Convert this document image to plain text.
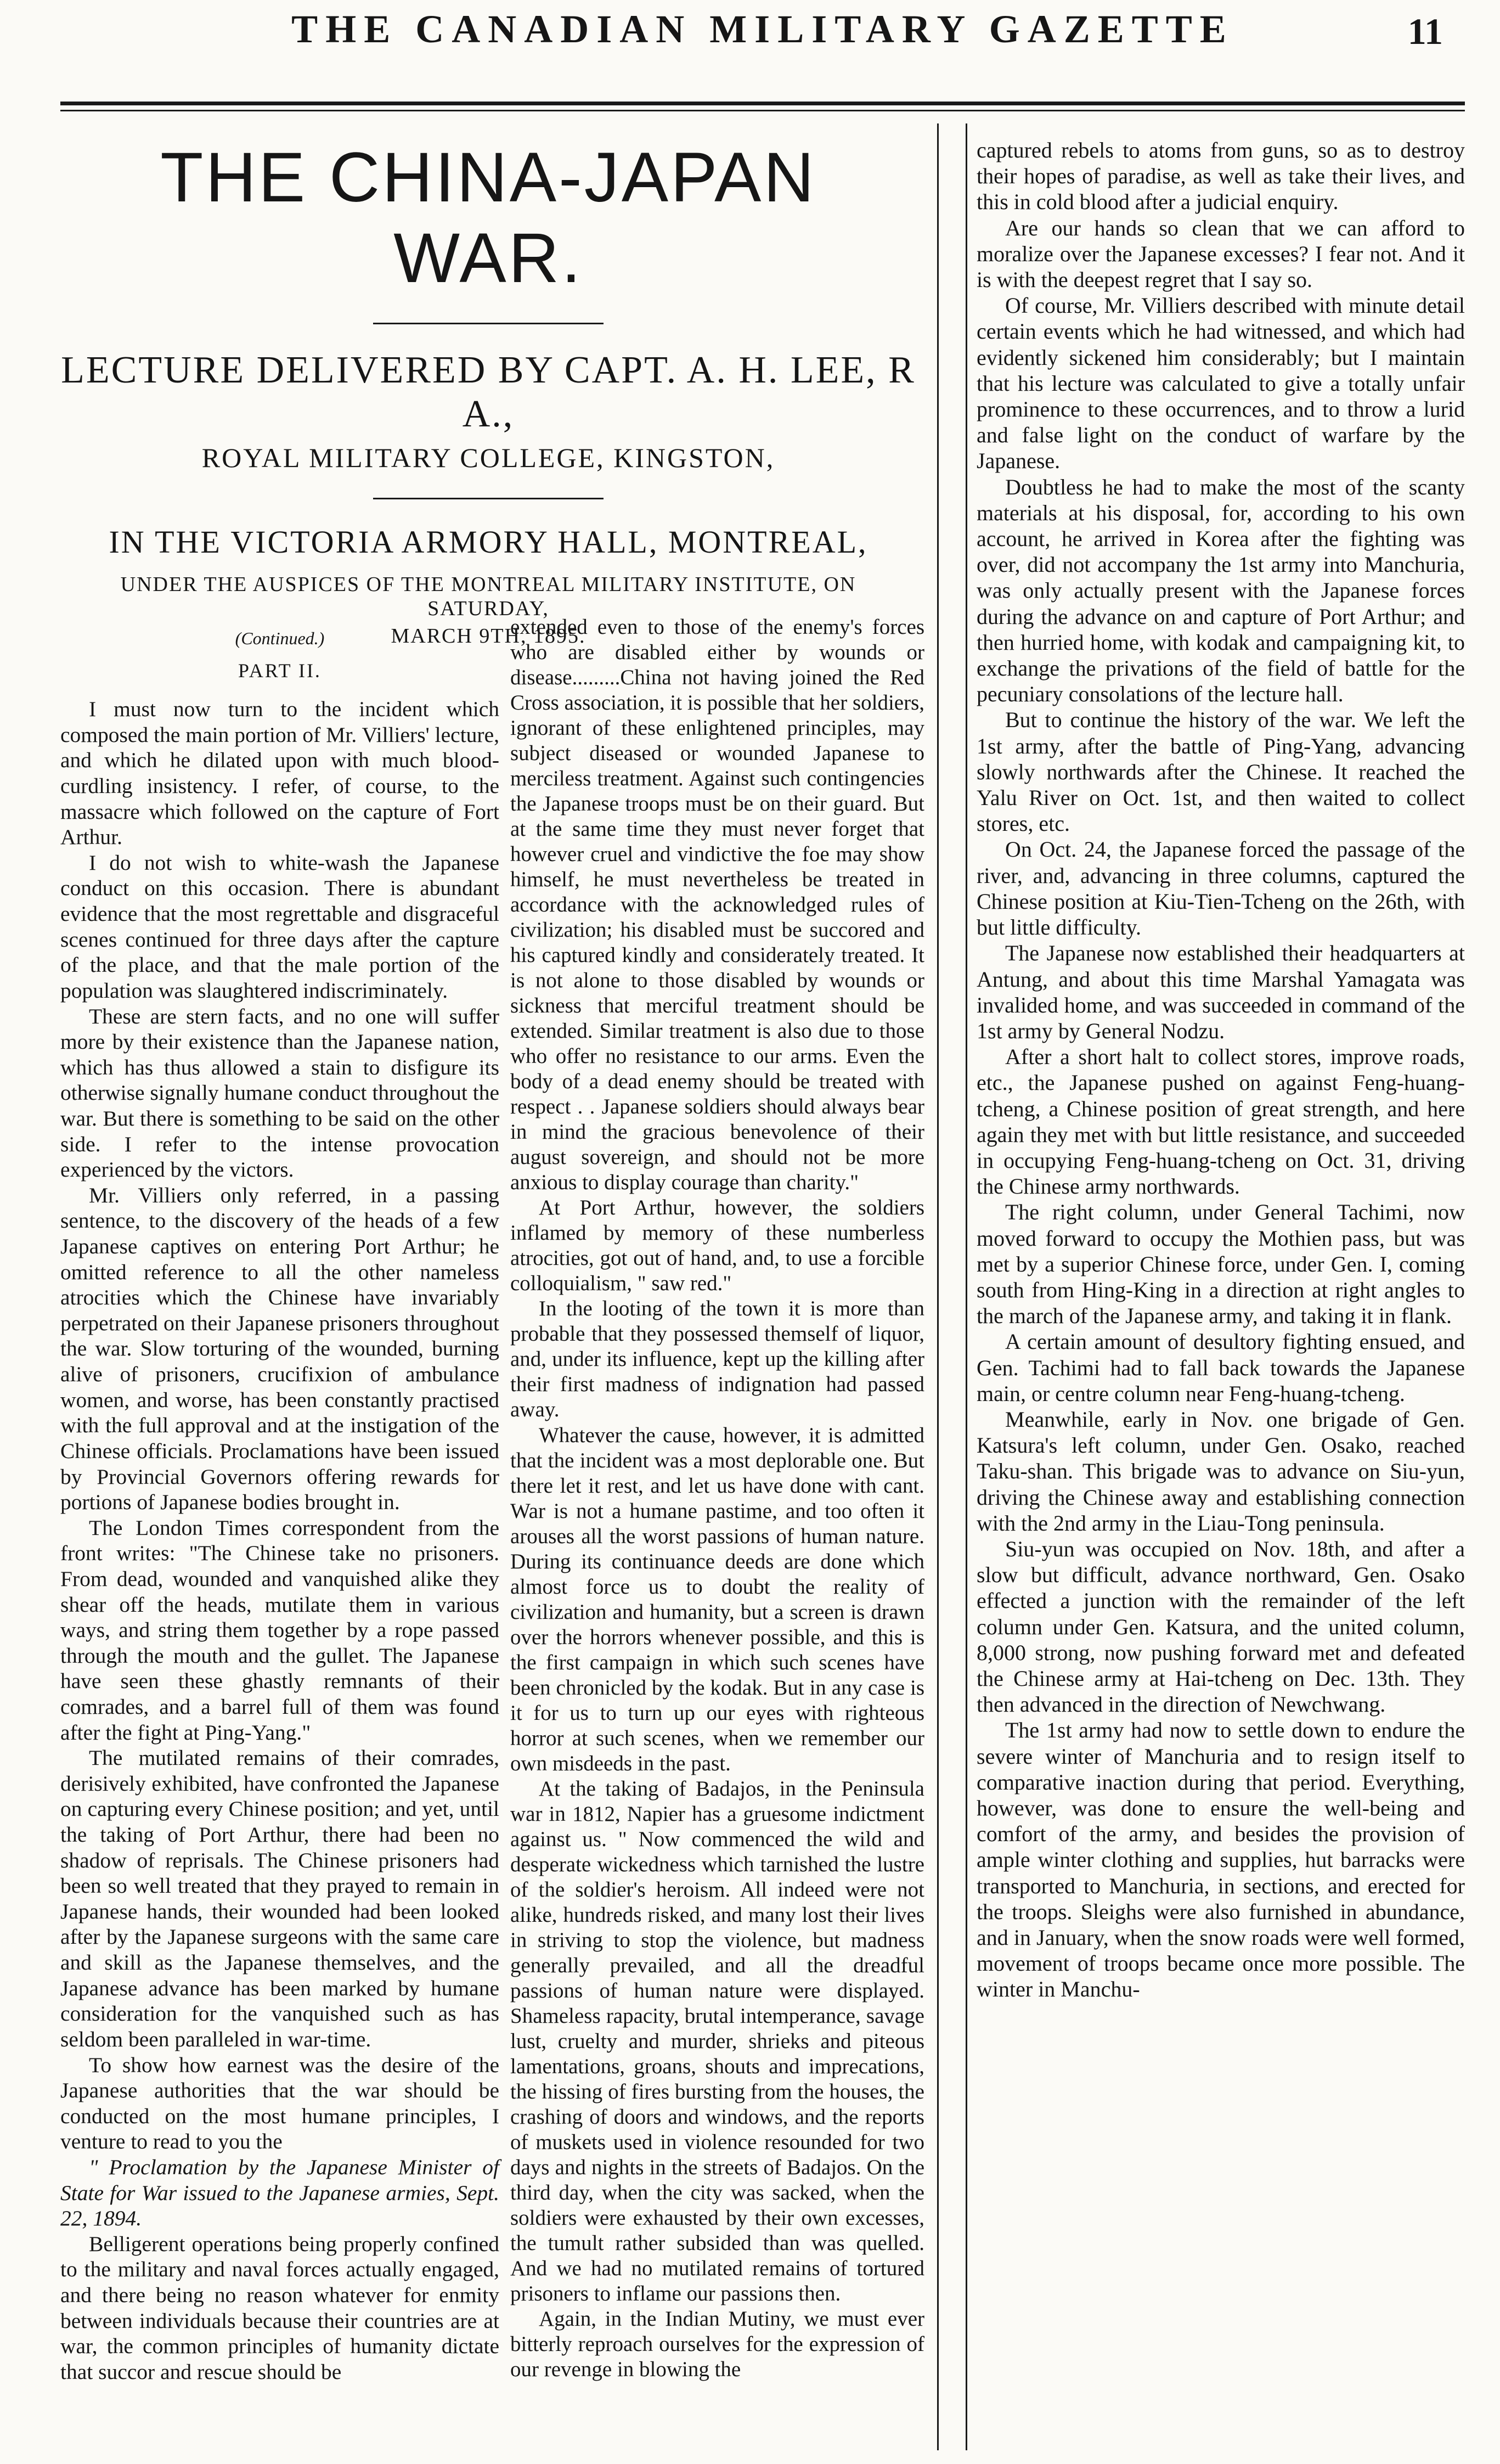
THE CANADIAN MILITARY GAZETTE	11
THE CHINA-JAPAN WAR.
LECTURE DELIVERED BY CAPT. A. H. LEE, R A.,
ROYAL MILITARY COLLEGE, KINGSTON,
IN THE VICTORIA ARMORY HALL, MONTREAL,
UNDER THE AUSPICES OF THE MONTREAL MILITARY INSTITUTE, ON SATURDAY,
MARCH 9TH, 1895.

(Continued.)

PART II.

I must now turn to the incident which composed the main portion of Mr. Villiers' lecture, and which he dilated upon with much blood-curdling insistency. I refer, of course, to the massacre which followed on the capture of Fort Arthur.

I do not wish to white-wash the Japanese conduct on this occasion. There is abundant evidence that the most regrettable and disgraceful scenes continued for three days after the capture of the place, and that the male portion of the population was slaughtered indiscriminately.

These are stern facts, and no one will suffer more by their existence than the Japanese nation, which has thus allowed a stain to disfigure its otherwise signally humane conduct throughout the war. But there is something to be said on the other side. I refer to the intense provocation experienced by the victors.

Mr. Villiers only referred, in a passing sentence, to the discovery of the heads of a few Japanese captives on entering Port Arthur; he omitted reference to all the other nameless atrocities which the Chinese have invariably perpetrated on their Japanese prisoners throughout the war. Slow torturing of the wounded, burning alive of prisoners, crucifixion of ambulance women, and worse, has been constantly practised with the full approval and at the instigation of the Chinese officials. Proclamations have been issued by Provincial Governors offering rewards for portions of Japanese bodies brought in.

The London Times correspondent from the front writes: "The Chinese take no prisoners. From dead, wounded and vanquished alike they shear off the heads, mutilate them in various ways, and string them together by a rope passed through the mouth and the gullet. The Japanese have seen these ghastly remnants of their comrades, and a barrel full of them was found after the fight at Ping-Yang."

The mutilated remains of their comrades, derisively exhibited, have confronted the Japanese on capturing every Chinese position; and yet, until the taking of Port Arthur, there had been no shadow of reprisals. The Chinese prisoners had been so well treated that they prayed to remain in Japanese hands, their wounded had been looked after by the Japanese surgeons with the same care and skill as the Japanese themselves, and the Japanese advance has been marked by humane consideration for the vanquished such as has seldom been paralleled in war-time.

To show how earnest was the desire of the Japanese authorities that the war should be conducted on the most humane principles, I venture to read to you the

" Proclamation by the Japanese Minister of State for War issued to the Japanese armies, Sept. 22, 1894.

Belligerent operations being properly confined to the military and naval forces actually engaged, and there being no reason whatever for enmity between individuals because their countries are at war, the common principles of humanity dictate that succor and rescue should be

extended even to those of the enemy's forces who are disabled either by wounds or disease.........China not having joined the Red Cross association, it is possible that her soldiers, ignorant of these enlightened principles, may subject diseased or wounded Japanese to merciless treatment. Against such contingencies the Japanese troops must be on their guard. But at the same time they must never forget that however cruel and vindictive the foe may show himself, he must nevertheless be treated in accordance with the acknowledged rules of civilization; his disabled must be succored and his captured kindly and considerately treated. It is not alone to those disabled by wounds or sickness that merciful treatment should be extended. Similar treatment is also due to those who offer no resistance to our arms. Even the body of a dead enemy should be treated with respect . . Japanese soldiers should always bear in mind the gracious benevolence of their august sovereign, and should not be more anxious to display courage than charity."

At Port Arthur, however, the soldiers inflamed by memory of these numberless atrocities, got out of hand, and, to use a forcible colloquialism, " saw red."

In the looting of the town it is more than probable that they possessed themself of liquor, and, under its influence, kept up the killing after their first madness of indignation had passed away.

Whatever the cause, however, it is admitted that the incident was a most deplorable one. But there let it rest, and let us have done with cant. War is not a humane pastime, and too often it arouses all the worst passions of human nature. During its continuance deeds are done which almost force us to doubt the reality of civilization and humanity, but a screen is drawn over the horrors whenever possible, and this is the first campaign in which such scenes have been chronicled by the kodak. But in any case is it for us to turn up our eyes with righteous horror at such scenes, when we remember our own misdeeds in the past.

At the taking of Badajos, in the Peninsula war in 1812, Napier has a gruesome indictment against us. " Now commenced the wild and desperate wickedness which tarnished the lustre of the soldier's heroism. All indeed were not alike, hundreds risked, and many lost their lives in striving to stop the violence, but madness generally prevailed, and all the dreadful passions of human nature were displayed. Shameless rapacity, brutal intemperance, savage lust, cruelty and murder, shrieks and piteous lamentations, groans, shouts and imprecations, the hissing of fires bursting from the houses, the crashing of doors and windows, and the reports of muskets used in violence resounded for two days and nights in the streets of Badajos. On the third day, when the city was sacked, when the soldiers were exhausted by their own excesses, the tumult rather subsided than was quelled. And we had no mutilated remains of tortured prisoners to inflame our passions then.

Again, in the Indian Mutiny, we must ever bitterly reproach ourselves for the expression of our revenge in blowing the

captured rebels to atoms from guns, so as to destroy their hopes of paradise, as well as take their lives, and this in cold blood after a judicial enquiry.

Are our hands so clean that we can afford to moralize over the Japanese excesses? I fear not. And it is with the deepest regret that I say so.

Of course, Mr. Villiers described with minute detail certain events which he had witnessed, and which had evidently sickened him considerably; but I maintain that his lecture was calculated to give a totally unfair prominence to these occurrences, and to throw a lurid and false light on the conduct of warfare by the Japanese.

Doubtless he had to make the most of the scanty materials at his disposal, for, according to his own account, he arrived in Korea after the fighting was over, did not accompany the 1st army into Manchuria, was only actually present with the Japanese forces during the advance on and capture of Port Arthur; and then hurried home, with kodak and campaigning kit, to exchange the privations of the field of battle for the pecuniary consolations of the lecture hall.

But to continue the history of the war. We left the 1st army, after the battle of Ping-Yang, advancing slowly northwards after the Chinese. It reached the Yalu River on Oct. 1st, and then waited to collect stores, etc.

On Oct. 24, the Japanese forced the passage of the river, and, advancing in three columns, captured the Chinese position at Kiu-Tien-Tcheng on the 26th, with but little difficulty.

The Japanese now established their headquarters at Antung, and about this time Marshal Yamagata was invalided home, and was succeeded in command of the 1st army by General Nodzu.

After a short halt to collect stores, improve roads, etc., the Japanese pushed on against Feng-huang-tcheng, a Chinese position of great strength, and here again they met with but little resistance, and succeeded in occupying Feng-huang-tcheng on Oct. 31, driving the Chinese army northwards.

The right column, under General Tachimi, now moved forward to occupy the Mothien pass, but was met by a superior Chinese force, under Gen. I, coming south from Hing-King in a direction at right angles to the march of the Japanese army, and taking it in flank.

A certain amount of desultory fighting ensued, and Gen. Tachimi had to fall back towards the Japanese main, or centre column near Feng-huang-tcheng.

Meanwhile, early in Nov. one brigade of Gen. Katsura's left column, under Gen. Osako, reached Taku-shan. This brigade was to advance on Siu-yun, driving the Chinese away and establishing connection with the 2nd army in the Liau-Tong peninsula.

Siu-yun was occupied on Nov. 18th, and after a slow but difficult, advance northward, Gen. Osako effected a junction with the remainder of the left column under Gen. Katsura, and the united column, 8,000 strong, now pushing forward met and defeated the Chinese army at Hai-tcheng on Dec. 13th. They then advanced in the direction of Newchwang.

The 1st army had now to settle down to endure the severe winter of Manchuria and to resign itself to comparative inaction during that period. Everything, however, was done to ensure the well-being and comfort of the army, and besides the provision of ample winter clothing and supplies, hut barracks were transported to Manchuria, in sections, and erected for the troops. Sleighs were also furnished in abundance, and in January, when the snow roads were well formed, movement of troops became once more possible. The winter in Manchu-
